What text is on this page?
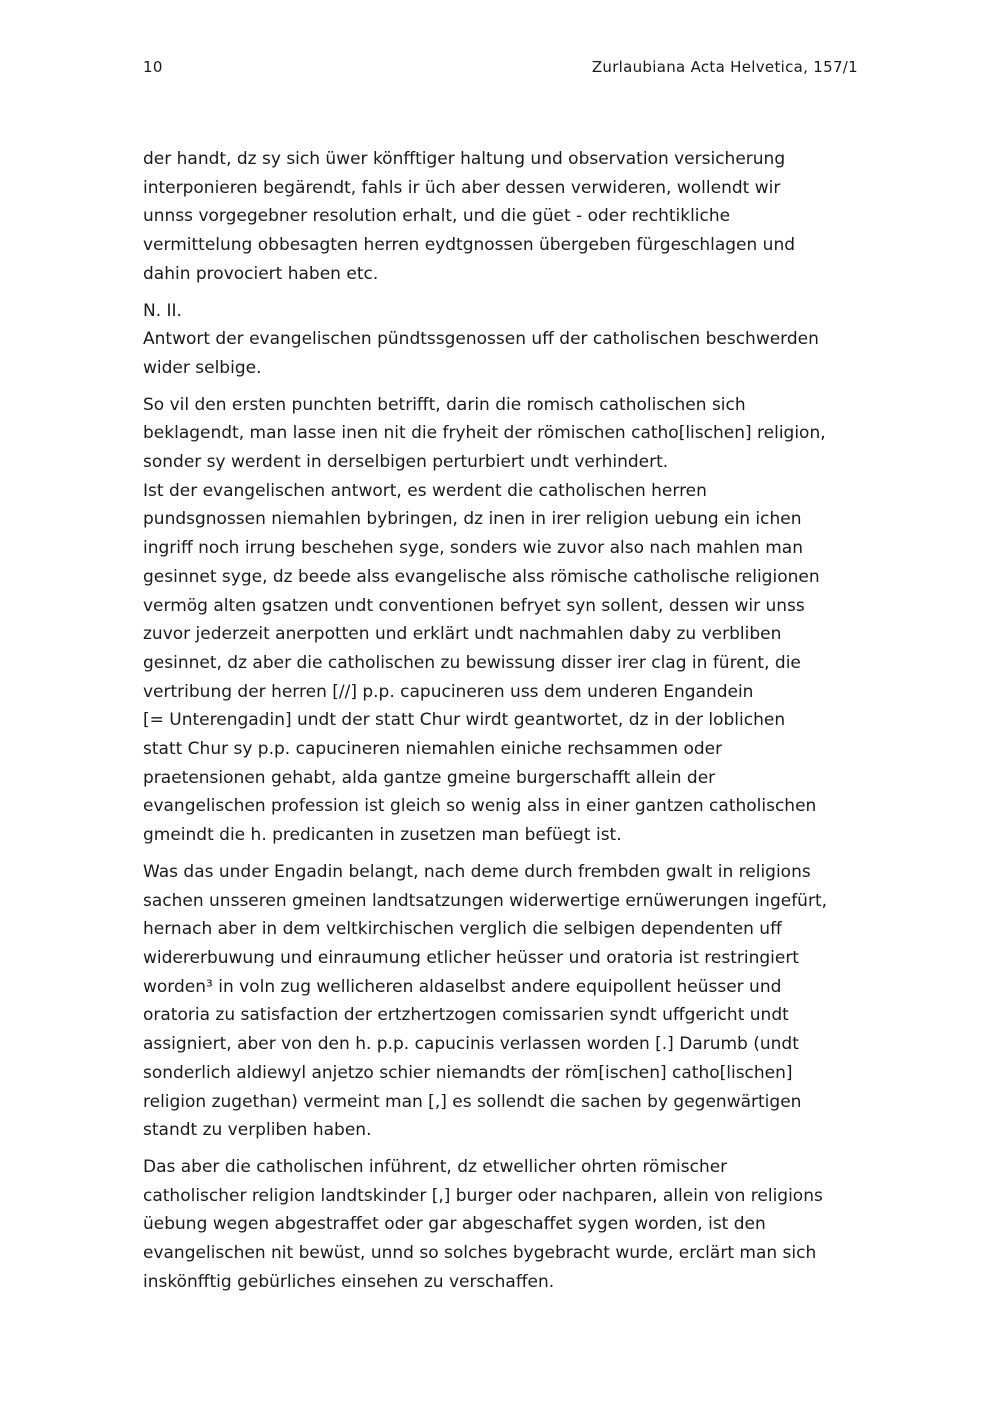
10	Zurlaubiana Acta Helvetica, 157/1
der handt, dz sy sich üwer könfftiger haltung und observation versicherung
interponieren begärendt, fahls ir üch aber dessen verwideren, wollendt wir
unnss vorgegebner resolution erhalt, und die güet - oder rechtikliche
vermittelung obbesagten herren eydtgnossen übergeben fürgeschlagen und
dahin provociert haben etc.
N. II.
Antwort der evangelischen pündtssgenossen uff der catholischen beschwerden
wider selbige.
So vil den ersten punchten betrifft, darin die romisch catholischen sich
beklagendt, man lasse inen nit die fryheit der römischen catho[lischen] religion,
sonder sy werdent in derselbigen perturbiert undt verhindert.
Ist der evangelischen antwort, es werdent die catholischen herren
pundsgnossen niemahlen bybringen, dz inen in irer religion uebung ein ichen
ingriff noch irrung beschehen syge, sonders wie zuvor also nach mahlen man
gesinnet syge, dz beede alss evangelische alss römische catholische religionen
vermög alten gsatzen undt conventionen befryet syn sollent, dessen wir unss
zuvor jederzeit anerpotten und erklärt undt nachmahlen daby zu verbliben
gesinnet, dz aber die catholischen zu bewissung disser irer clag in fürent, die
vertribung der herren [//] p.p. capucineren uss dem underen Engandein
[= Unterengadin] undt der statt Chur wirdt geantwortet, dz in der loblichen
statt Chur sy p.p. capucineren niemahlen einiche rechsammen oder
praetensionen gehabt, alda gantze gmeine burgerschafft allein der
evangelischen profession ist gleich so wenig alss in einer gantzen catholischen
gmeindt die h. predicanten in zusetzen man befüegt ist.
Was das under Engadin belangt, nach deme durch frembden gwalt in religions
sachen unsseren gmeinen landtsatzungen widerwertige ernüwerungen ingefürt,
hernach aber in dem veltkirchischen verglich die selbigen dependenten uff
widererbuwung und einraumung etlicher heüsser und oratoria ist restringiert
worden³ in voln zug wellicheren aldaselbst andere equipollent heüsser und
oratoria zu satisfaction der ertzhertzogen comissarien syndt uffgericht undt
assigniert, aber von den h. p.p. capucinis verlassen worden [.] Darumb (undt
sonderlich aldiewyl anjetzo schier niemandts der röm[ischen] catho[lischen]
religion zugethan) vermeint man [,] es sollendt die sachen by gegenwärtigen
standt zu verpliben haben.
Das aber die catholischen inführent, dz etwellicher ohrten römischer
catholischer religion landtskinder [,] burger oder nachparen, allein von religions
üebung wegen abgestraffet oder gar abgeschaffet sygen worden, ist den
evangelischen nit bewüst, unnd so solches bygebracht wurde, erclärt man sich
inskönfftig gebürliches einsehen zu verschaffen.
